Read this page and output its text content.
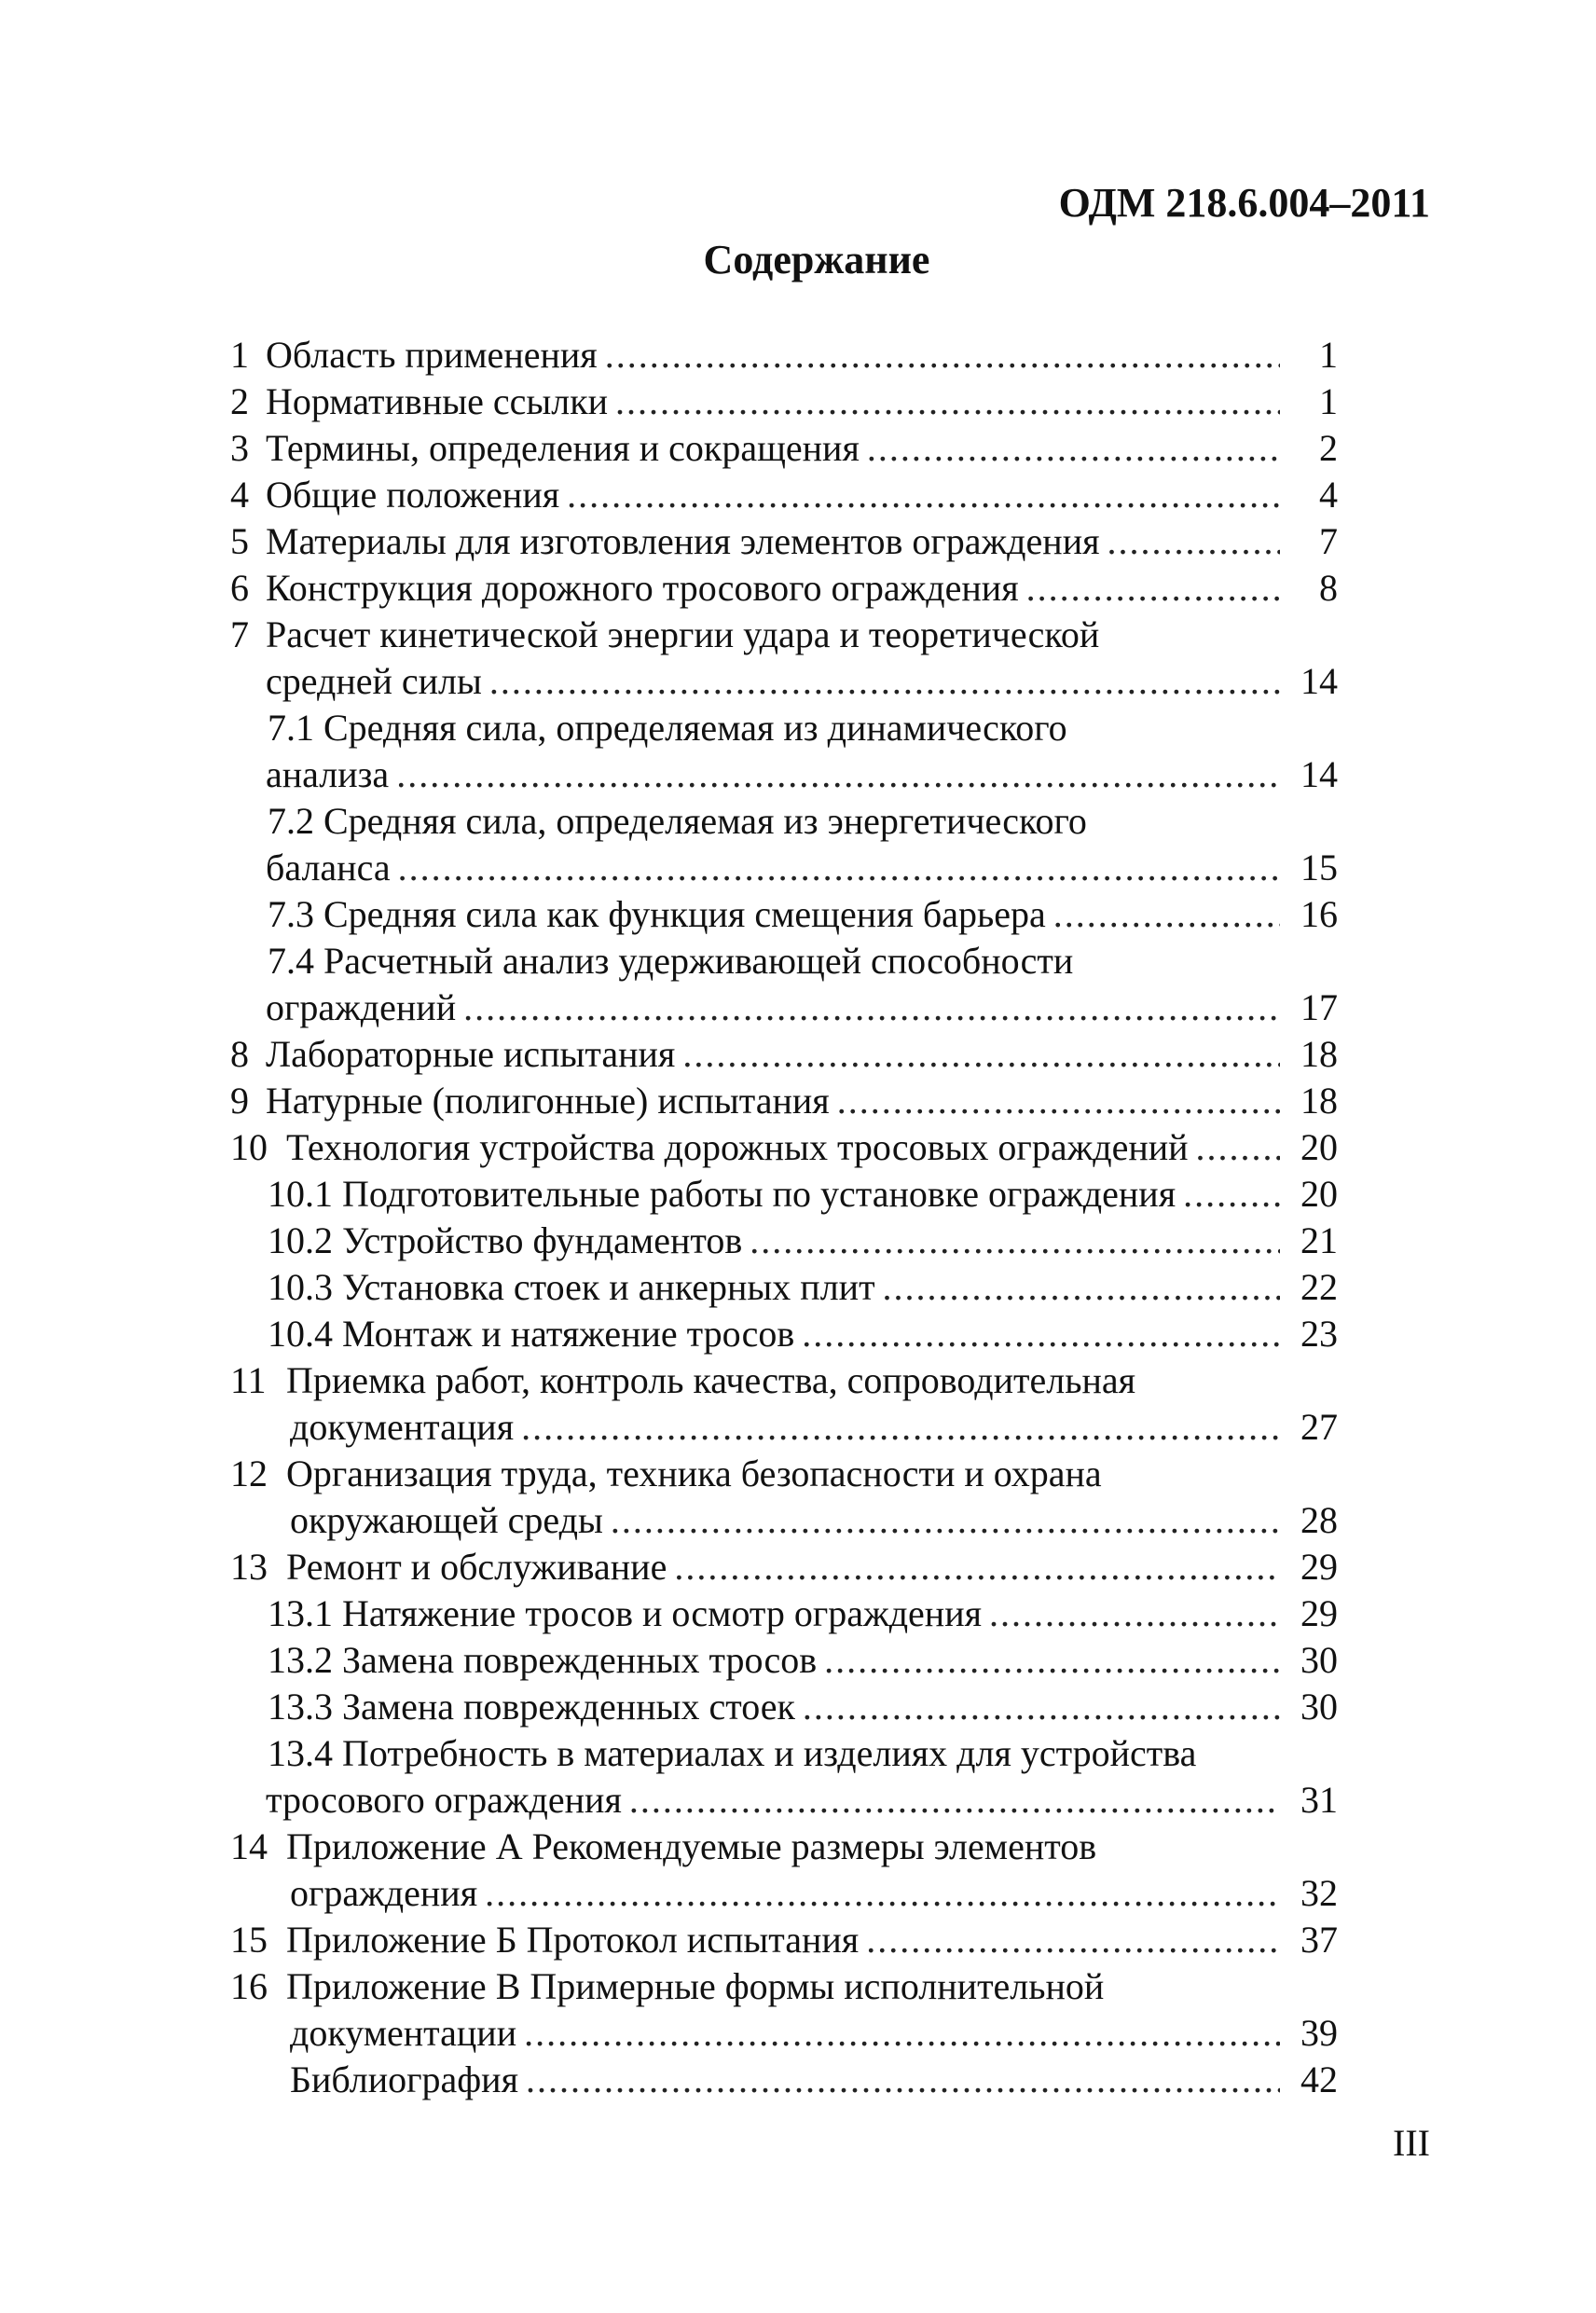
ОДМ 218.6.004–2011
Содержание
1 Область применения .....	1
2 Нормативные ссылки .....	1
3 Термины, определения и сокращения .....	2
4 Общие положения .....	4
5 Материалы для изготовления элементов ограждения .....	7
6 Конструкция дорожного тросового ограждения .....	8
7 Расчет кинетической энергии удара и теоретической
средней силы .....	14
7.1 Средняя сила, определяемая из динамического
анализа .....	14
7.2 Средняя сила, определяемая из энергетического
баланса .....	15
7.3 Средняя сила как функция смещения барьера .....	16
7.4 Расчетный анализ удерживающей способности
ограждений .....	17
8 Лабораторные испытания .....	18
9 Натурные (полигонные) испытания .....	18
10 Технология устройства дорожных тросовых ограждений .....	20
10.1 Подготовительные работы по установке ограждения .....	20
10.2 Устройство фундаментов .....	21
10.3 Установка стоек и анкерных плит .....	22
10.4 Монтаж и натяжение тросов .....	23
11 Приемка работ, контроль качества, сопроводительная
документация .....	27
12 Организация труда, техника безопасности и охрана
окружающей среды .....	28
13 Ремонт и обслуживание .....	29
13.1 Натяжение тросов и осмотр ограждения .....	29
13.2 Замена поврежденных тросов .....	30
13.3 Замена поврежденных стоек .....	30
13.4 Потребность в материалах и изделиях для устройства
тросового ограждения .....	31
14 Приложение А Рекомендуемые размеры элементов
ограждения .....	32
15 Приложение Б Протокол испытания .....	37
16 Приложение В Примерные формы исполнительной
документации .....	39
Библиография .....	42
III
